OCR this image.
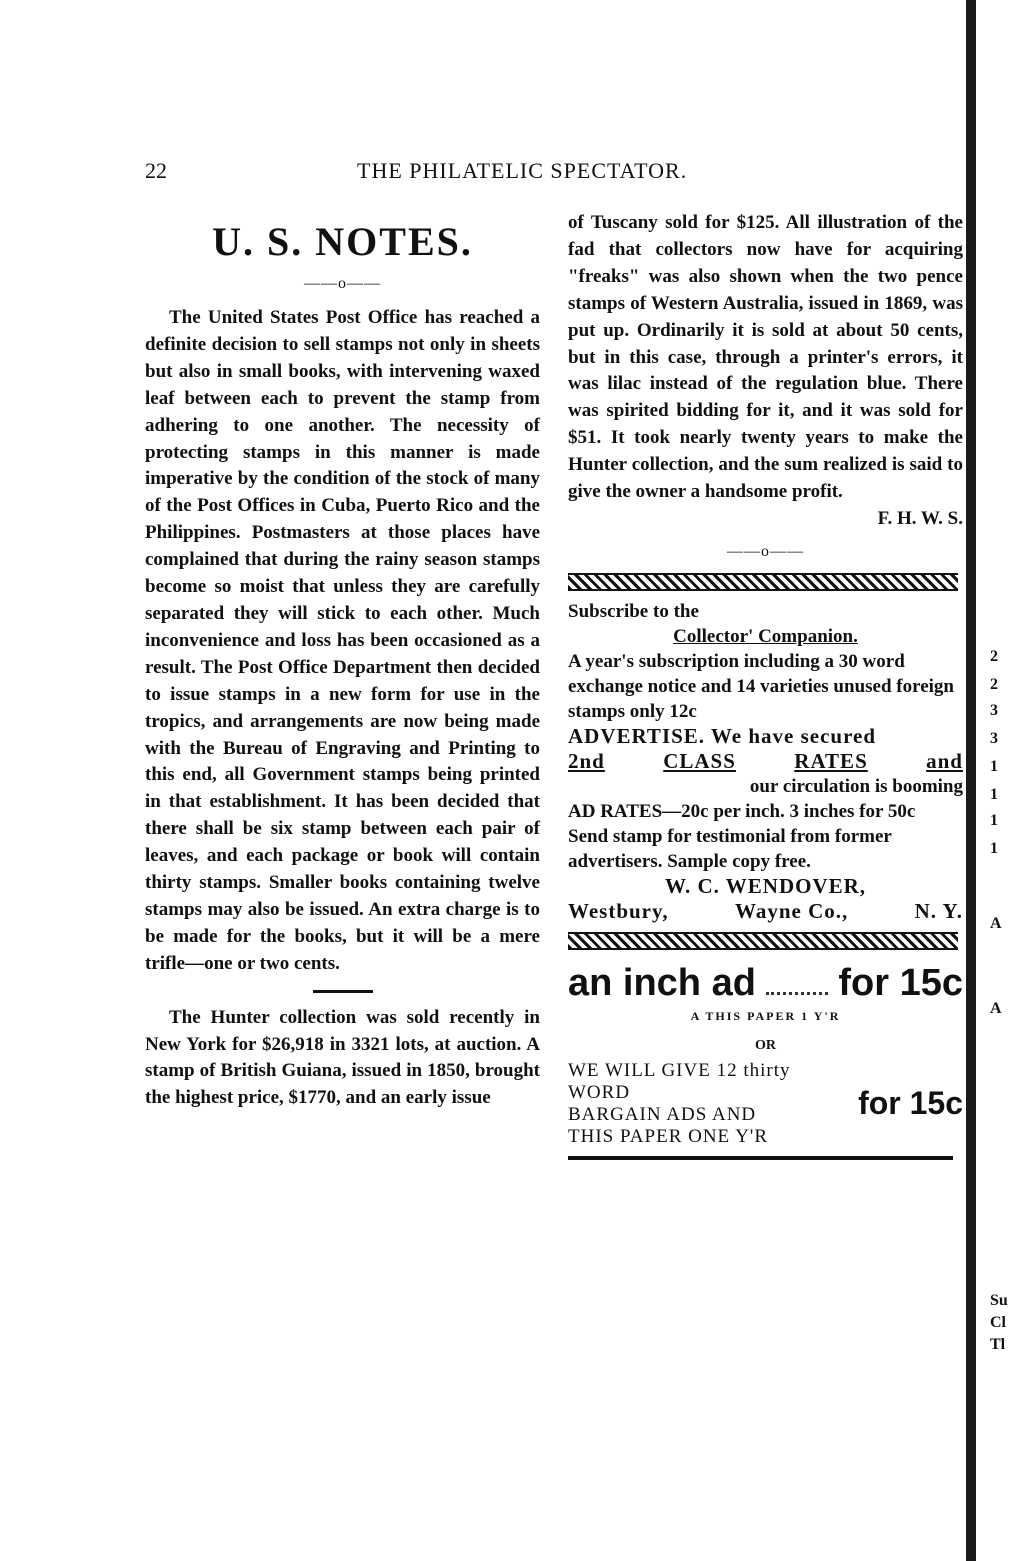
22	THE PHILATELIC SPECTATOR.
U. S. NOTES.
——o——

The United States Post Office has reached a definite decision to sell stamps not only in sheets but also in small books, with intervening waxed leaf between each to prevent the stamp from adhering to one another. The necessity of protecting stamps in this manner is made imperative by the condition of the stock of many of the Post Offices in Cuba, Puerto Rico and the Philippines. Postmasters at those places have complained that during the rainy season stamps become so moist that unless they are carefully separated they will stick to each other. Much inconvenience and loss has been occasioned as a result. The Post Office Department then decided to issue stamps in a new form for use in the tropics, and arrangements are now being made with the Bureau of Engraving and Printing to this end, all Government stamps being printed in that establishment. It has been decided that there shall be six stamp between each pair of leaves, and each package or book will contain thirty stamps. Smaller books containing twelve stamps may also be issued. An extra charge is to be made for the books, but it will be a mere trifle—one or two cents.

The Hunter collection was sold recently in New York for $26,918 in 3321 lots, at auction. A stamp of British Guiana, issued in 1850, brought the highest price, $1770, and an early issue

of Tuscany sold for $125. All illustration of the fad that collectors now have for acquiring "freaks" was also shown when the two pence stamps of Western Australia, issued in 1869, was put up. Ordinarily it is sold at about 50 cents, but in this case, through a printer's errors, it was lilac instead of the regulation blue. There was spirited bidding for it, and it was sold for $51. It took nearly twenty years to make the Hunter collection, and the sum realized is said to give the owner a handsome profit.

F. H. W. S.
——o——
Subscribe to the
Collector' Companion.
A year's subscription including a 30 word exchange notice and 14 varieties unused foreign stamps only 12c
ADVERTISE. We have secured
2nd	CLASS	RATES	and
our circulation is booming
AD RATES—20c per inch. 3 inches for 50c
Send stamp for testimonial from former advertisers. Sample copy free.
W. C. WENDOVER,
Westbury,	Wayne Co.,	N. Y.
an inch ad for 15c
A THIS PAPER 1 Y'R
OR
WE WILL GIVE 12 thirty WORD
BARGAIN ADS AND
THIS PAPER ONE Y'R
for 15c
2
2
3
3
1
1
1
1
A
A
Su
Cl
Tl
